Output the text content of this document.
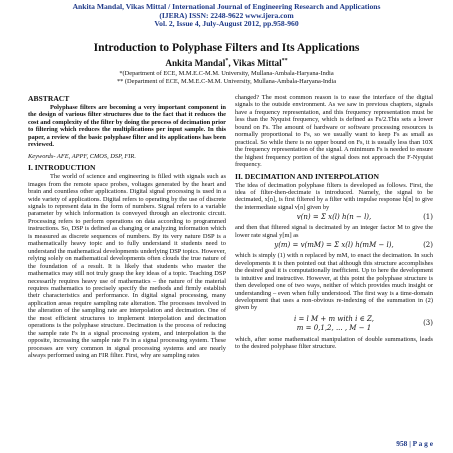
Ankita Mandal, Vikas Mittal / International Journal of Engineering Research and Applications
(IJERA) ISSN: 2248-9622 www.ijera.com
Vol. 2, Issue 4, July-August 2012, pp.958-960
Introduction to Polyphase Filters and Its Applications
Ankita Mandal*, Vikas Mittal**
*(Department of ECE, M.M.E.C-M.M. University, Mullana-Ambala-Haryana-India
** (Department of ECE, M.M.E.C-M.M. University, Mullana-Ambala-Haryana-India
ABSTRACT
Polyphase filters are becoming a very important component in the design of various filter structures due to the fact that it reduces the cost and complexity of the filter by doing the process of decimation prior to filtering which reduces the multiplications per input sample. In this paper, a review of the basic polyphase filter and its applications has been reviewed.
Keywords- AFE, APPF, CMOS, DSP, FIR.
I. INTRODUCTION
The world of science and engineering is filled with signals such as images from the remote space probes, voltages generated by the heart and brain and countless other applications. Digital signal processing is used in a wide variety of applications. Digital refers to operating by the use of discrete signals to represent data in the form of numbers. Signal refers to a variable parameter by which information is conveyed through an electronic circuit. Processing refers to perform operations on data according to programmed instructions. So, DSP is defined as changing or analyzing information which is measured as discrete sequences of numbers. By its very nature DSP is a mathematically heavy topic and to fully understand it students need to understand the mathematical developments underlying DSP topics. However, relying solely on mathematical developments often clouds the true nature of the foundation of a result. It is likely that students who master the mathematics may still not truly grasp the key ideas of a topic. Teaching DSP necessarily requires heavy use of mathematics – the nature of the material requires mathematics to precisely specify the methods and firmly establish their characteristics and performance. In digital signal processing, many application areas require sampling rate alteration. The processes involved in the alteration of the sampling rate are interpolation and decimation. One of the most efficient structures to implement interpolation and decimation operations is the polyphase structure. Decimation is the process of reducing the sample rate Fs in a signal processing system, and interpolation is the opposite, increasing the sample rate Fs in a signal processing system. These processes are very common in signal processing systems and are nearly always performed using an FIR filter. First, why are sampling rates
changed? The most common reason is to ease the interface of the digital signals to the outside environment. As we saw in previous chapters, signals have a frequency representation, and this frequency representation must be less than the Nyquist frequency, which is defined as Fs/2.This sets a lower bound on Fs. The amount of hardware or software processing resources is normally proportional to Fs, so we usually want to keep Fs as small as practical. So while there is no upper bound on Fs, it is usually less than 10X the frequency representation of the signal. A minimum Fs is needed to ensure the highest frequency portion of the signal does not approach the F-Nyquist frequency.
II. DECIMATION AND INTERPOLATION
The idea of decimation polyphase filters is developed as follows. First, the idea of filter-then-decimate is introduced. Namely, the signal to be decimated, x[n], is first filtered by a filter with impulse response h[n] to give the intermediate signal v[n] given by
v(n) = Σ x(l) h(n − l),	(1)
and then that filtered signal is decimated by an integer factor M to give the lower rate signal y[m] as
y(m) = v(mM) = Σ x(l) h(mM − l),	(2)
which is simply (1) with n replaced by mM, to enact the decimation. In such developments it is then pointed out that although this structure accomplishes the desired goal it is computationally inefficient. Up to here the development is intuitive and instructive. However, at this point the polyphase structure is then developed one of two ways, neither of which provides much insight or understanding – even when fully understood. The first way is a time-domain development that uses a non-obvious re-indexing of the summation in (2) given by
i = l M + m with i ∈ Z,
m = 0,1,2, ... , M − 1
(3)
which, after some mathematical manipulation of double summations, leads to the desired polyphase filter structure.
958 | P a g e
